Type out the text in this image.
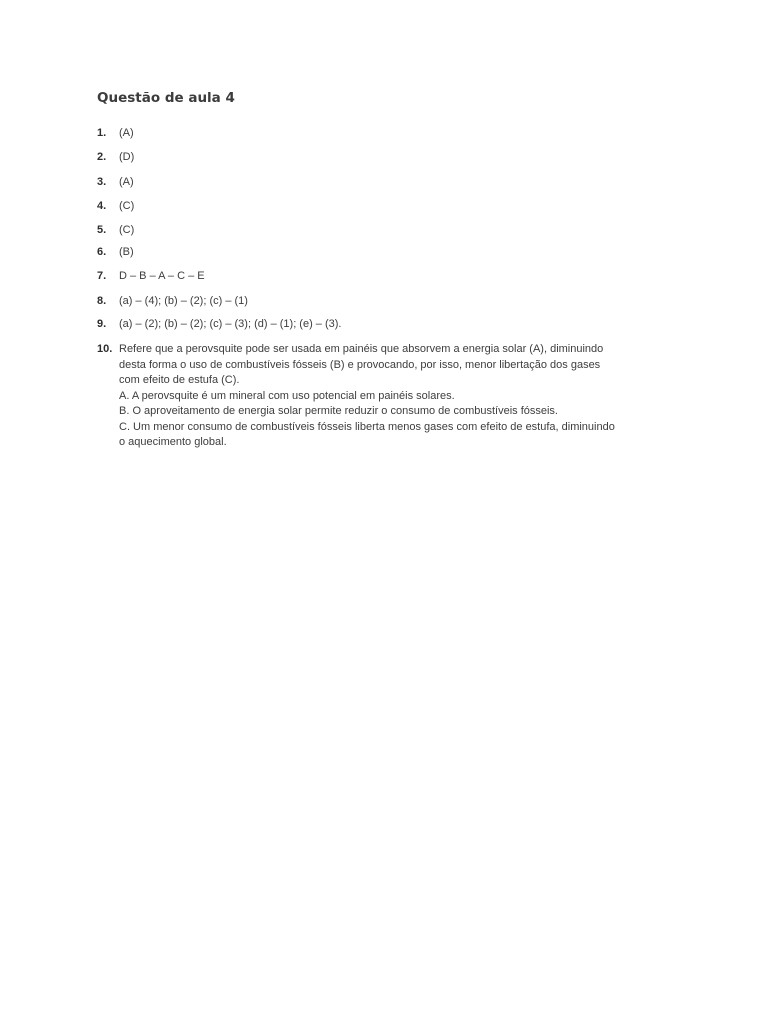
Questão de aula 4
1. (A)
2. (D)
3. (A)
4. (C)
5. (C)
6. (B)
7. D – B – A – C – E
8. (a) – (4); (b) – (2); (c) – (1)
9. (a) – (2); (b) – (2); (c) – (3); (d) – (1); (e) – (3).
10. Refere que a perovsquite pode ser usada em painéis que absorvem a energia solar (A), diminuindo
desta forma o uso de combustíveis fósseis (B) e provocando, por isso, menor libertação dos gases
com efeito de estufa (C).
A. A perovsquite é um mineral com uso potencial em painéis solares.
B. O aproveitamento de energia solar permite reduzir o consumo de combustíveis fósseis.
C. Um menor consumo de combustíveis fósseis liberta menos gases com efeito de estufa, diminuindo
o aquecimento global.
